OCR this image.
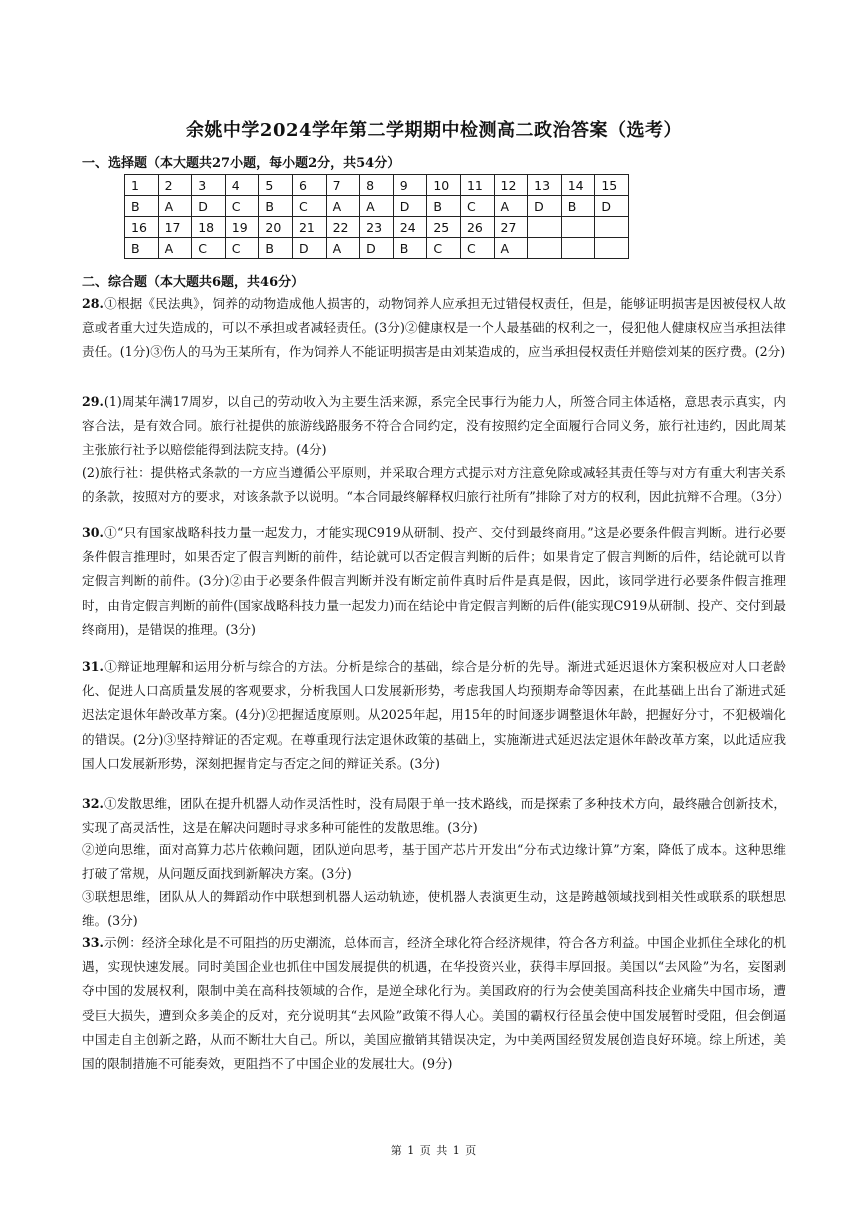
余姚中学2024学年第二学期期中检测高二政治答案（选考）
一、选择题（本大题共27小题，每小题2分，共54分）
1	2	3	4	5	6	7	8	9	10	11	12	13	14	15
B	A	D	C	B	C	A	A	D	B	C	A	D	B	D
16	17	18	19	20	21	22	23	24	25	26	27			
B	A	C	C	B	D	A	D	B	C	C	A			
二、综合题（本大题共6题，共46分）
28.①根据《民法典》，饲养的动物造成他人损害的，动物饲养人应承担无过错侵权责任，但是，能够证明损害是因被侵权人故意或者重大过失造成的，可以不承担或者减轻责任。(3分)②健康权是一个人最基础的权利之一，侵犯他人健康权应当承担法律责任。(1分)③伤人的马为王某所有，作为饲养人不能证明损害是由刘某造成的，应当承担侵权责任并赔偿刘某的医疗费。(2分)
29.(1)周某年满17周岁，以自己的劳动收入为主要生活来源，系完全民事行为能力人，所签合同主体适格，意思表示真实，内容合法，是有效合同。旅行社提供的旅游线路服务不符合合同约定，没有按照约定全面履行合同义务，旅行社违约，因此周某主张旅行社予以赔偿能得到法院支持。(4分)
(2)旅行社：提供格式条款的一方应当遵循公平原则，并采取合理方式提示对方注意免除或减轻其责任等与对方有重大利害关系的条款，按照对方的要求，对该条款予以说明。“本合同最终解释权归旅行社所有”排除了对方的权利，因此抗辩不合理。（3分）
30.①“只有国家战略科技力量一起发力，才能实现C919从研制、投产、交付到最终商用。”这是必要条件假言判断。进行必要条件假言推理时，如果否定了假言判断的前件，结论就可以否定假言判断的后件；如果肯定了假言判断的后件，结论就可以肯定假言判断的前件。(3分)②由于必要条件假言判断并没有断定前件真时后件是真是假，因此，该同学进行必要条件假言推理时，由肯定假言判断的前件(国家战略科技力量一起发力)而在结论中肯定假言判断的后件(能实现C919从研制、投产、交付到最终商用)，是错误的推理。(3分)
31.①辩证地理解和运用分析与综合的方法。分析是综合的基础，综合是分析的先导。渐进式延迟退休方案积极应对人口老龄化、促进人口高质量发展的客观要求，分析我国人口发展新形势，考虑我国人均预期寿命等因素，在此基础上出台了渐进式延迟法定退休年龄改革方案。(4分)②把握适度原则。从2025年起，用15年的时间逐步调整退休年龄，把握好分寸，不犯极端化的错误。(2分)③坚持辩证的否定观。在尊重现行法定退休政策的基础上，实施渐进式延迟法定退休年龄改革方案，以此适应我国人口发展新形势，深刻把握肯定与否定之间的辩证关系。(3分)
32.①发散思维，团队在提升机器人动作灵活性时，没有局限于单一技术路线，而是探索了多种技术方向，最终融合创新技术，实现了高灵活性，这是在解决问题时寻求多种可能性的发散思维。(3分)
②逆向思维，面对高算力芯片依赖问题，团队逆向思考，基于国产芯片开发出“分布式边缘计算”方案，降低了成本。这种思维打破了常规，从问题反面找到新解决方案。(3分)
③联想思维，团队从人的舞蹈动作中联想到机器人运动轨迹，使机器人表演更生动，这是跨越领域找到相关性或联系的联想思维。(3分)
33.示例：经济全球化是不可阻挡的历史潮流，总体而言，经济全球化符合经济规律，符合各方利益。中国企业抓住全球化的机遇，实现快速发展。同时美国企业也抓住中国发展提供的机遇，在华投资兴业，获得丰厚回报。美国以“去风险”为名，妄图剥夺中国的发展权利，限制中美在高科技领域的合作，是逆全球化行为。美国政府的行为会使美国高科技企业痛失中国市场，遭受巨大损失，遭到众多美企的反对，充分说明其“去风险”政策不得人心。美国的霸权行径虽会使中国发展暂时受阻，但会倒逼中国走自主创新之路，从而不断壮大自己。所以，美国应撤销其错误决定，为中美两国经贸发展创造良好环境。综上所述，美国的限制措施不可能奏效，更阻挡不了中国企业的发展壮大。(9分)
第 1 页 共 1 页
